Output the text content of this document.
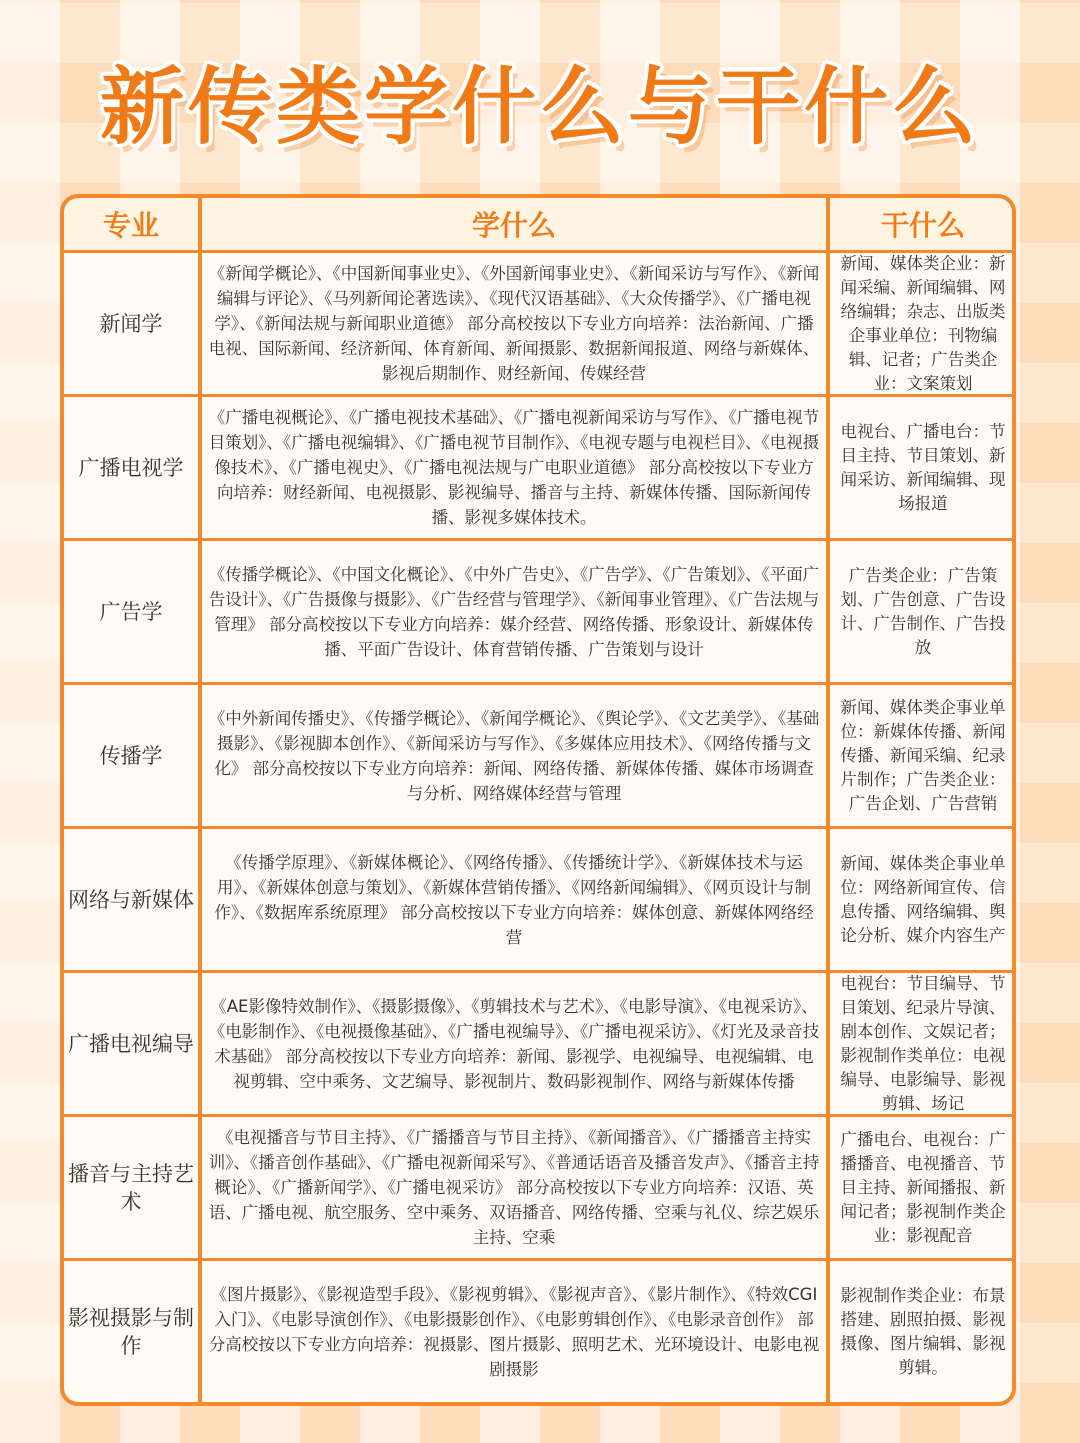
新传类学什么与干什么
专业	学什么	干什么
新闻学
《新闻学概论》、《中国新闻事业史》、《外国新闻事业史》、《新闻采访与写作》、《新闻编辑与评论》、《马列新闻论著选读》、《现代汉语基础》、《大众传播学》、《广播电视学》、《新闻法规与新闻职业道德》 部分高校按以下专业方向培养：法治新闻、广播电视、国际新闻、经济新闻、体育新闻、新闻摄影、数据新闻报道、网络与新媒体、影视后期制作、财经新闻、传媒经营
新闻、媒体类企业：新闻采编、新闻编辑、网络编辑；杂志、出版类企事业单位：刊物编辑、记者；广告类企业：文案策划
广播电视学
《广播电视概论》、《广播电视技术基础》、《广播电视新闻采访与写作》、《广播电视节目策划》、《广播电视编辑》、《广播电视节目制作》、《电视专题与电视栏目》、《电视摄像技术》、《广播电视史》、《广播电视法规与广电职业道德》 部分高校按以下专业方向培养：财经新闻、电视摄影、影视编导、播音与主持、新媒体传播、国际新闻传播、影视多媒体技术。
电视台、广播电台：节目主持、节目策划、新闻采访、新闻编辑、现场报道
广告学
《传播学概论》、《中国文化概论》、《中外广告史》、《广告学》、《广告策划》、《平面广告设计》、《广告摄像与摄影》、《广告经营与管理学》、《新闻事业管理》、《广告法规与管理》 部分高校按以下专业方向培养：媒介经营、网络传播、形象设计、新媒体传播、平面广告设计、体育营销传播、广告策划与设计
广告类企业：广告策划、广告创意、广告设计、广告制作、广告投放
传播学
《中外新闻传播史》、《传播学概论》、《新闻学概论》、《舆论学》、《文艺美学》、《基础摄影》、《影视脚本创作》、《新闻采访与写作》、《多媒体应用技术》、《网络传播与文化》 部分高校按以下专业方向培养：新闻、网络传播、新媒体传播、媒体市场调查与分析、网络媒体经营与管理
新闻、媒体类企事业单位：新媒体传播、新闻传播、新闻采编、纪录片制作；广告类企业：广告企划、广告营销
网络与新媒体
《传播学原理》、《新媒体概论》、《网络传播》、《传播统计学》、《新媒体技术与运用》、《新媒体创意与策划》、《新媒体营销传播》、《网络新闻编辑》、《网页设计与制作》、《数据库系统原理》 部分高校按以下专业方向培养：媒体创意、新媒体网络经营
新闻、媒体类企事业单位：网络新闻宣传、信息传播、网络编辑、舆论分析、媒介内容生产
广播电视编导
《AE影像特效制作》、《摄影摄像》、《剪辑技术与艺术》、《电影导演》、《电视采访》、《电影制作》、《电视摄像基础》、《广播电视编导》、《广播电视采访》、《灯光及录音技术基础》 部分高校按以下专业方向培养：新闻、影视学、电视编导、电视编辑、电视剪辑、空中乘务、文艺编导、影视制片、数码影视制作、网络与新媒体传播
电视台：节目编导、节目策划、纪录片导演、剧本创作、文娱记者；影视制作类单位：电视编导、电影编导、影视剪辑、场记
播音与主持艺术
《电视播音与节目主持》、《广播播音与节目主持》、《新闻播音》、《广播播音主持实训》、《播音创作基础》、《广播电视新闻采写》、《普通话语音及播音发声》、《播音主持概论》、《广播新闻学》、《广播电视采访》 部分高校按以下专业方向培养：汉语、英语、广播电视、航空服务、空中乘务、双语播音、网络传播、空乘与礼仪、综艺娱乐主持、空乘
广播电台、电视台：广播播音、电视播音、节目主持、新闻播报、新闻记者；影视制作类企业：影视配音
影视摄影与制作
《图片摄影》、《影视造型手段》、《影视剪辑》、《影视声音》、《影片制作》、《特效CGI入门》、《电影导演创作》、《电影摄影创作》、《电影剪辑创作》、《电影录音创作》 部分高校按以下专业方向培养：视摄影、图片摄影、照明艺术、光环境设计、电影电视剧摄影
影视制作类企业：布景搭建、剧照拍摄、影视摄像、图片编辑、影视剪辑。
